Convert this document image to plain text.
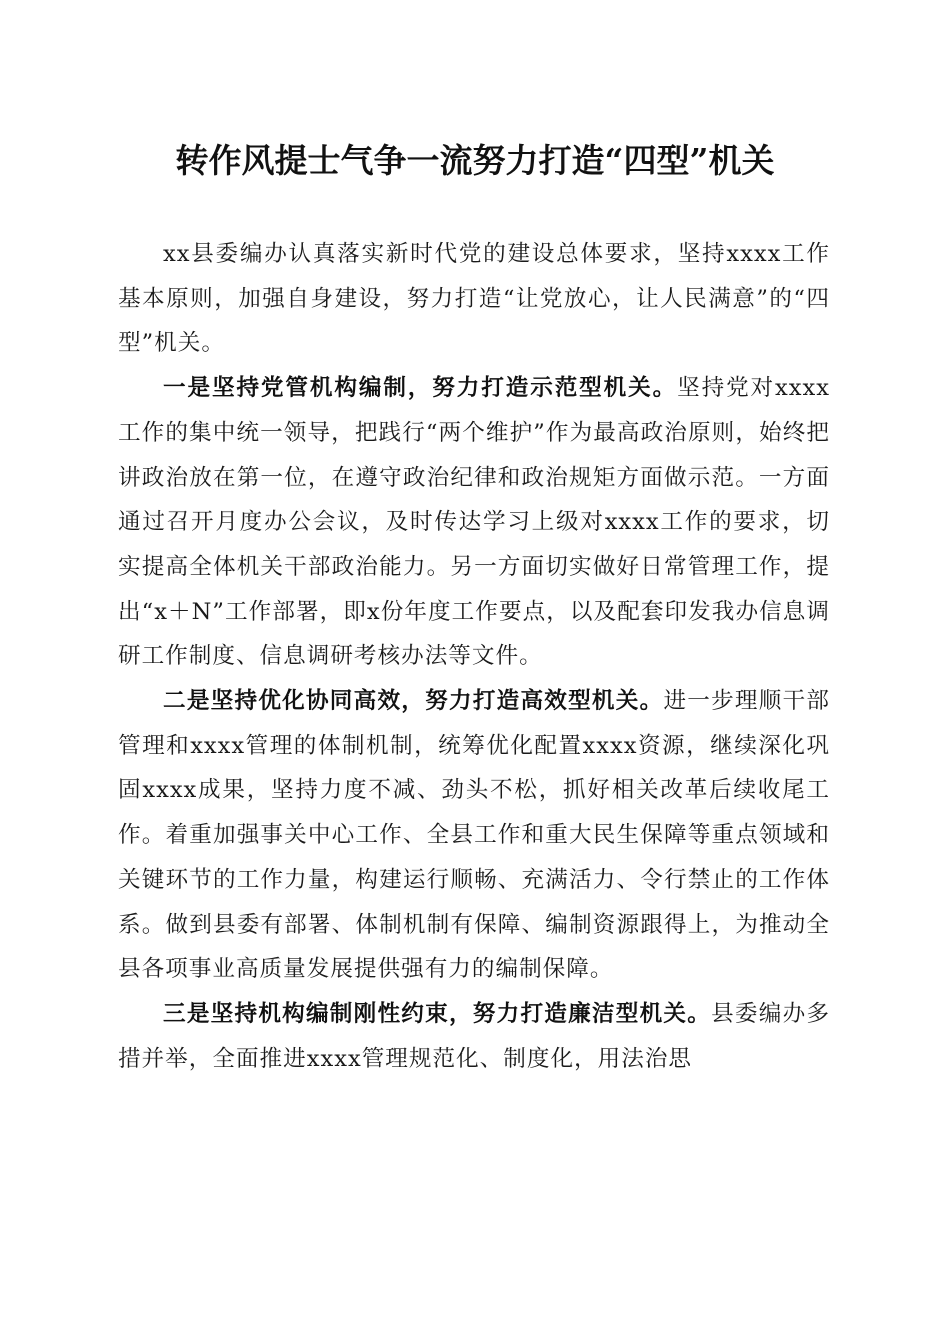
转作风提士气争一流努力打造“四型”机关

xx县委编办认真落实新时代党的建设总体要求，坚持xxxx工作基本原则，加强自身建设，努力打造“让党放心，让人民满意”的“四型”机关。

一是坚持党管机构编制，努力打造示范型机关。坚持党对xxxx工作的集中统一领导，把践行“两个维护”作为最高政治原则，始终把讲政治放在第一位，在遵守政治纪律和政治规矩方面做示范。一方面通过召开月度办公会议，及时传达学习上级对xxxx工作的要求，切实提高全体机关干部政治能力。另一方面切实做好日常管理工作，提出“x＋N”工作部署，即x份年度工作要点，以及配套印发我办信息调研工作制度、信息调研考核办法等文件。

二是坚持优化协同高效，努力打造高效型机关。进一步理顺干部管理和xxxx管理的体制机制，统筹优化配置xxxx资源，继续深化巩固xxxx成果，坚持力度不减、劲头不松，抓好相关改革后续收尾工作。着重加强事关中心工作、全县工作和重大民生保障等重点领域和关键环节的工作力量，构建运行顺畅、充满活力、令行禁止的工作体系。做到县委有部署、体制机制有保障、编制资源跟得上，为推动全县各项事业高质量发展提供强有力的编制保障。

三是坚持机构编制刚性约束，努力打造廉洁型机关。县委编办多措并举，全面推进xxxx管理规范化、制度化，用法治思
